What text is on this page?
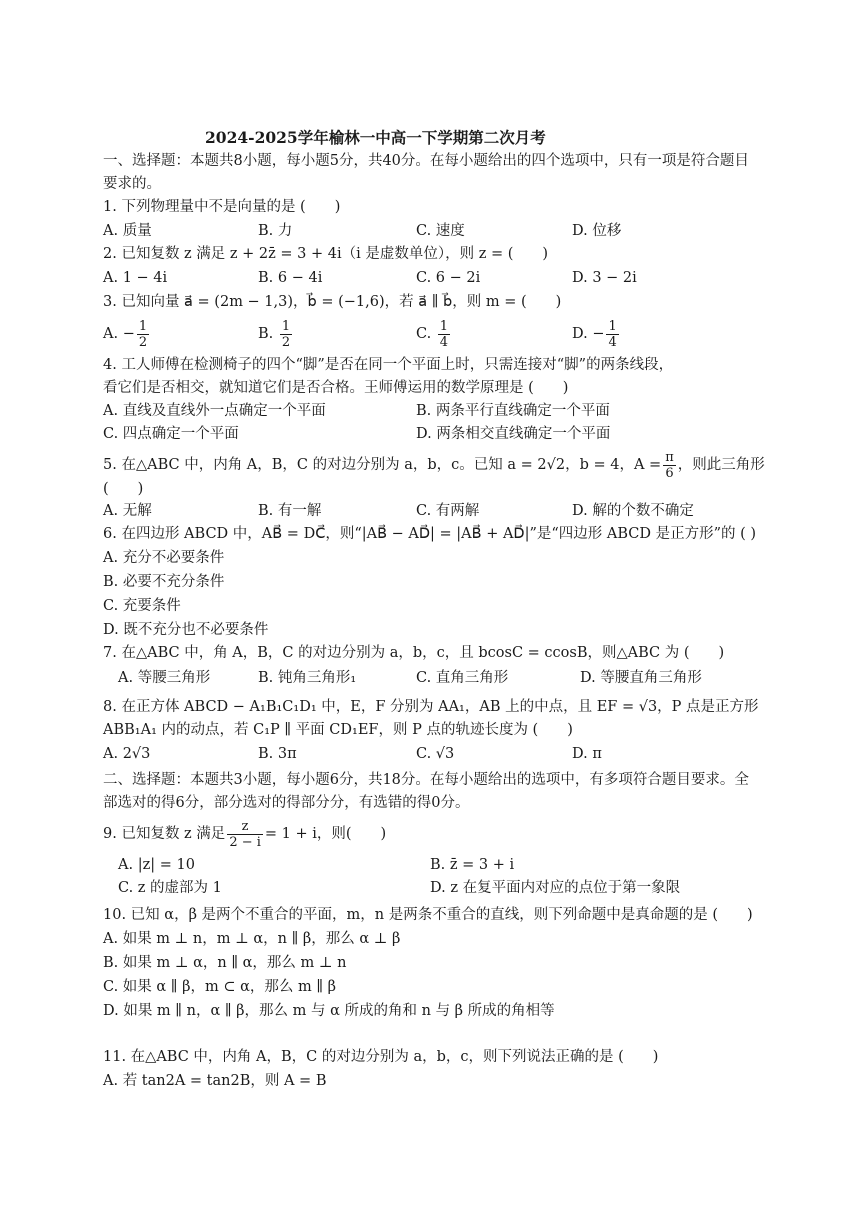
2024-2025学年榆林一中高一下学期第二次月考
一、选择题：本题共8小题，每小题5分，共40分。在每小题给出的四个选项中，只有一项是符合题目
要求的。
1. 下列物理量中不是向量的是 (　　)
A. 质量	B. 力	C. 速度	D. 位移
2. 已知复数 z 满足 z + 2z̄ = 3 + 4i（i 是虚数单位），则 z = (　　)
A. 1 − 4i	B. 6 − 4i	C. 6 − 2i	D. 3 − 2i
3. 已知向量 a⃗ = (2m − 1,3)，b⃗ = (−1,6)，若 a⃗ ∥ b⃗，则 m = (　　)
A. − $\frac{1}{2}$	B. $\frac{1}{2}$	C. $\frac{1}{4}$	D. − $\frac{1}{4}$
4. 工人师傅在检测椅子的四个“脚”是否在同一个平面上时，只需连接对“脚”的两条线段，
看它们是否相交，就知道它们是否合格。王师傅运用的数学原理是 (　　)
A. 直线及直线外一点确定一个平面	B. 两条平行直线确定一个平面
C. 四点确定一个平面	D. 两条相交直线确定一个平面
5. 在△ABC 中，内角 A，B，C 的对边分别为 a，b，c。已知 a = 2√2，b = 4，$A = \frac{\pi}{6}$ ，则此三角形
(　　)
A. 无解	B. 有一解	C. 有两解	D. 解的个数不确定
6. 在四边形 ABCD 中，AB⃗ = DC⃗，则“|AB⃗ − AD⃗| = |AB⃗ + AD⃗|”是“四边形 ABCD 是正方形”的 ( )
A. 充分不必要条件
B. 必要不充分条件
C. 充要条件
D. 既不充分也不必要条件
7. 在△ABC 中，角 A，B，C 的对边分别为 a，b，c，且 bcosC = ccosB，则△ABC 为 (　　)
A. 等腰三角形	B. 钝角三角形₁	C. 直角三角形	D. 等腰直角三角形
8. 在正方体 ABCD − A₁B₁C₁D₁ 中，E，F 分别为 AA₁，AB 上的中点，且 EF = √3，P 点是正方形
ABB₁A₁ 内的动点，若 C₁P ∥ 平面 CD₁EF，则 P 点的轨迹长度为 (　　)
A. 2√3	B. 3π	C. √3	D. π
二、选择题：本题共3小题，每小题6分，共18分。在每小题给出的选项中，有多项符合题目要求。全
部选对的得6分，部分选对的得部分分，有选错的得0分。
9. 已知复数 z 满足 $\frac{z}{2 - i} = 1 + i$，则(　　)
A. |z| = 10	B. z̄ = 3 + i
C. z 的虚部为 1	D. z 在复平面内对应的点位于第一象限
10. 已知 α，β 是两个不重合的平面，m，n 是两条不重合的直线，则下列命题中是真命题的是 (　　)
A. 如果 m ⊥ n，m ⊥ α，n ∥ β，那么 α ⊥ β
B. 如果 m ⊥ α，n ∥ α，那么 m ⊥ n
C. 如果 α ∥ β，m ⊂ α，那么 m ∥ β
D. 如果 m ∥ n，α ∥ β，那么 m 与 α 所成的角和 n 与 β 所成的角相等
11. 在△ABC 中，内角 A，B，C 的对边分别为 a，b，c，则下列说法正确的是 (　　)
A. 若 tan2A = tan2B，则 A = B
